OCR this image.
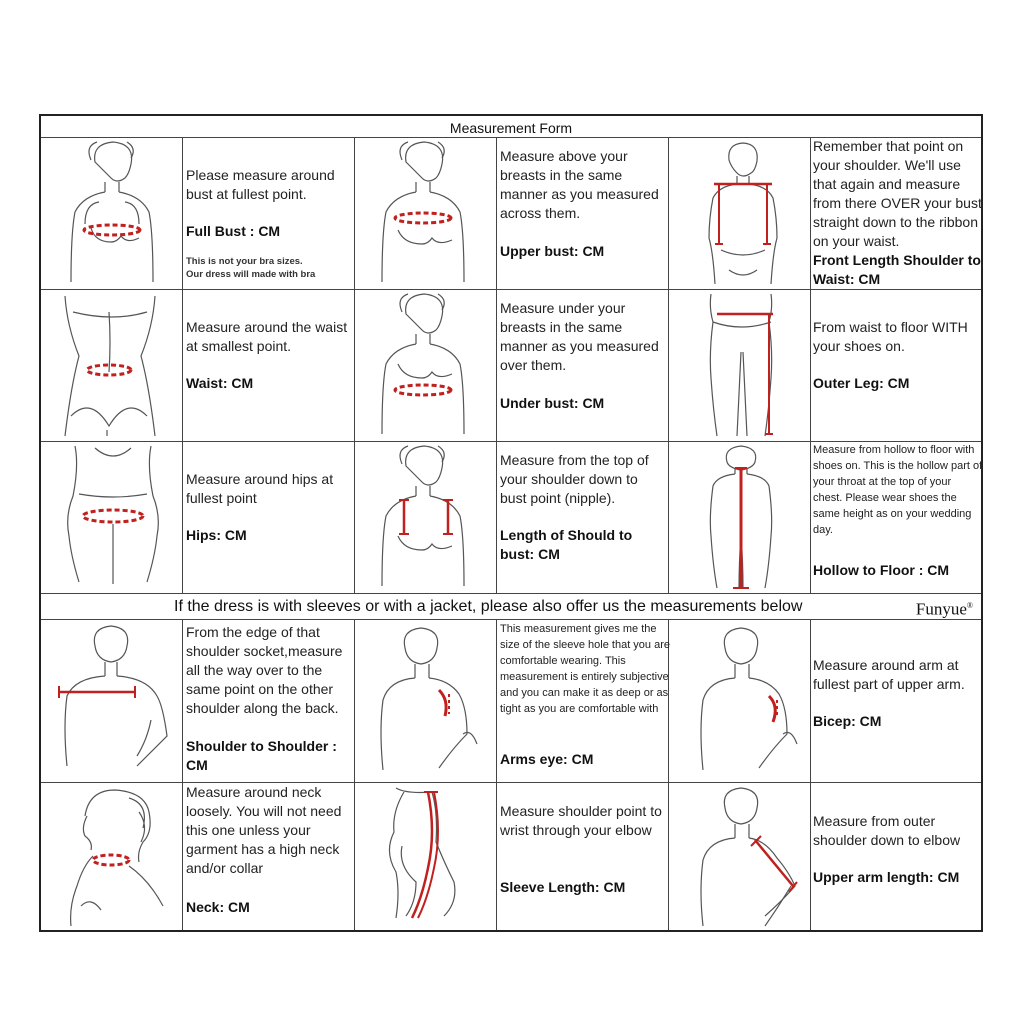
Measurement Form
If the dress is with sleeves or with a jacket, please also offer us the measurements below	Funyue®
Please measure around bust at fullest point.
Full Bust : CM
This is not your bra sizes.
Our dress will made with bra
Measure above your breasts in the same manner as you measured across them.
Upper bust: CM
Remember that point on your shoulder. We'll use that again and measure from there OVER your bust straight down to the ribbon on your waist.
Front Length Shoulder to Waist: CM
Measure around the waist at smallest point.
Waist: CM
Measure under your breasts in the same manner as you measured over them.
Under bust: CM
From waist to floor WITH your shoes on.
Outer Leg: CM
Measure around hips at fullest point
Hips: CM
Measure from the top of your shoulder down to bust point (nipple).
Length of Should to bust: CM
Measure from hollow to floor with shoes on. This is the hollow part of your throat at the top of your chest. Please wear shoes the same height as on your wedding day.
Hollow to Floor : CM
From the edge of that shoulder socket,measure all the way over to the same point on the other shoulder along the back.
Shoulder to Shoulder : CM
This measurement gives me the size of the sleeve hole that you are comfortable wearing. This measurement is entirely subjective and you can make it as deep or as tight as you are comfortable with
Arms eye: CM
Measure around arm at fullest part of upper arm.
Bicep: CM
Measure around neck loosely. You will not need this one unless your garment has a high neck and/or collar
Neck: CM
Measure shoulder point to wrist through your elbow
Sleeve Length: CM
Measure from outer shoulder down to elbow
Upper arm length: CM
